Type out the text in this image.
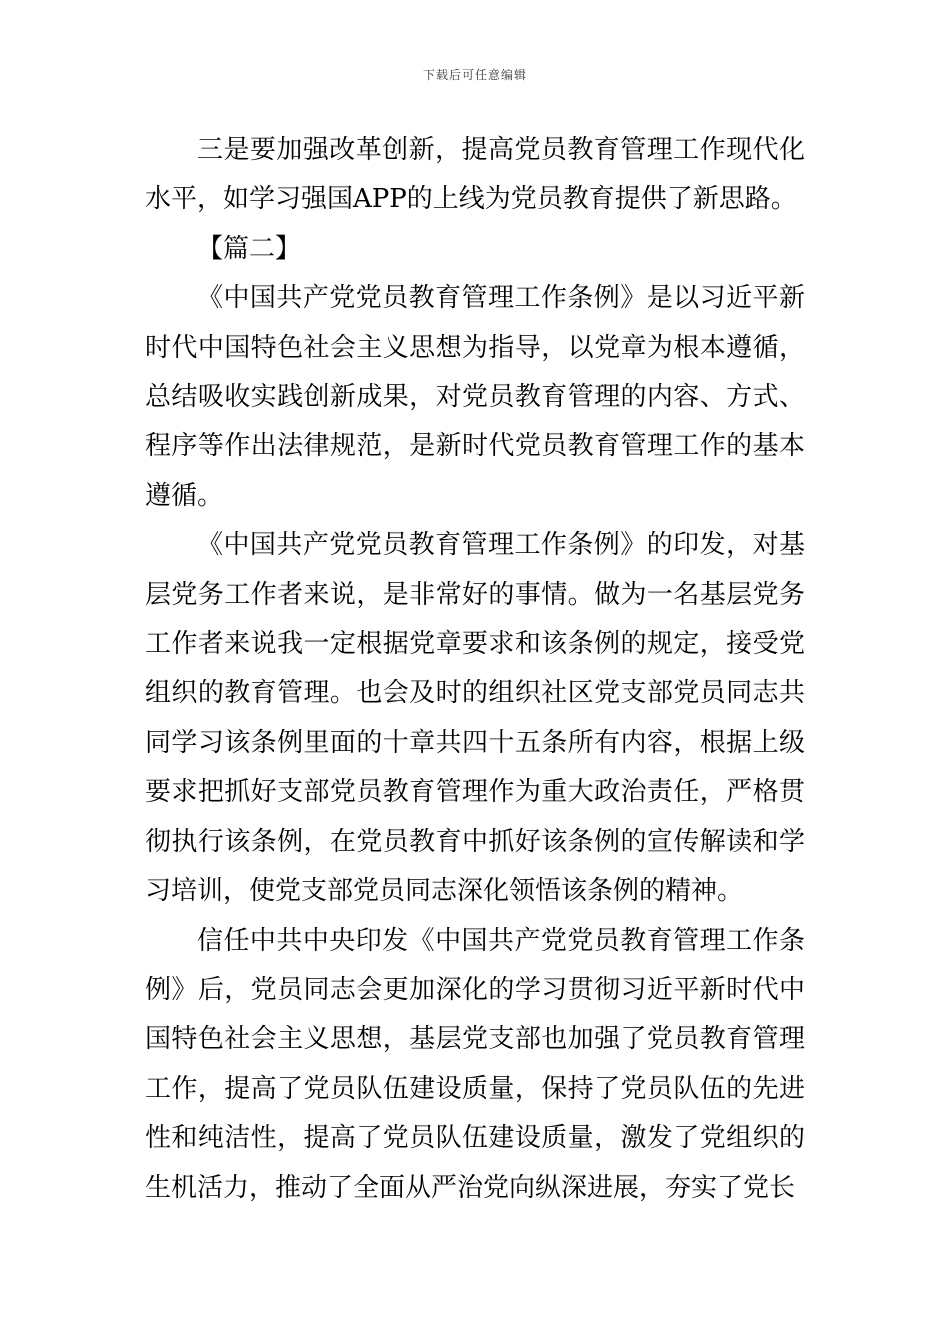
下载后可任意编辑

三是要加强改革创新，提高党员教育管理工作现代化水平，如学习强国APP的上线为党员教育提供了新思路。

【篇二】

《中国共产党党员教育管理工作条例》是以习近平新时代中国特色社会主义思想为指导，以党章为根本遵循，总结吸收实践创新成果，对党员教育管理的内容、方式、程序等作出法律规范，是新时代党员教育管理工作的基本遵循。

《中国共产党党员教育管理工作条例》的印发，对基层党务工作者来说，是非常好的事情。做为一名基层党务工作者来说我一定根据党章要求和该条例的规定，接受党组织的教育管理。也会及时的组织社区党支部党员同志共同学习该条例里面的十章共四十五条所有内容，根据上级要求把抓好支部党员教育管理作为重大政治责任，严格贯彻执行该条例，在党员教育中抓好该条例的宣传解读和学习培训，使党支部党员同志深化领悟该条例的精神。

信任中共中央印发《中国共产党党员教育管理工作条例》后，党员同志会更加深化的学习贯彻习近平新时代中国特色社会主义思想，基层党支部也加强了党员教育管理工作，提高了党员队伍建设质量，保持了党员队伍的先进性和纯洁性，提高了党员队伍建设质量，激发了党组织的生机活力，推动了全面从严治党向纵深进展，夯实了党长
